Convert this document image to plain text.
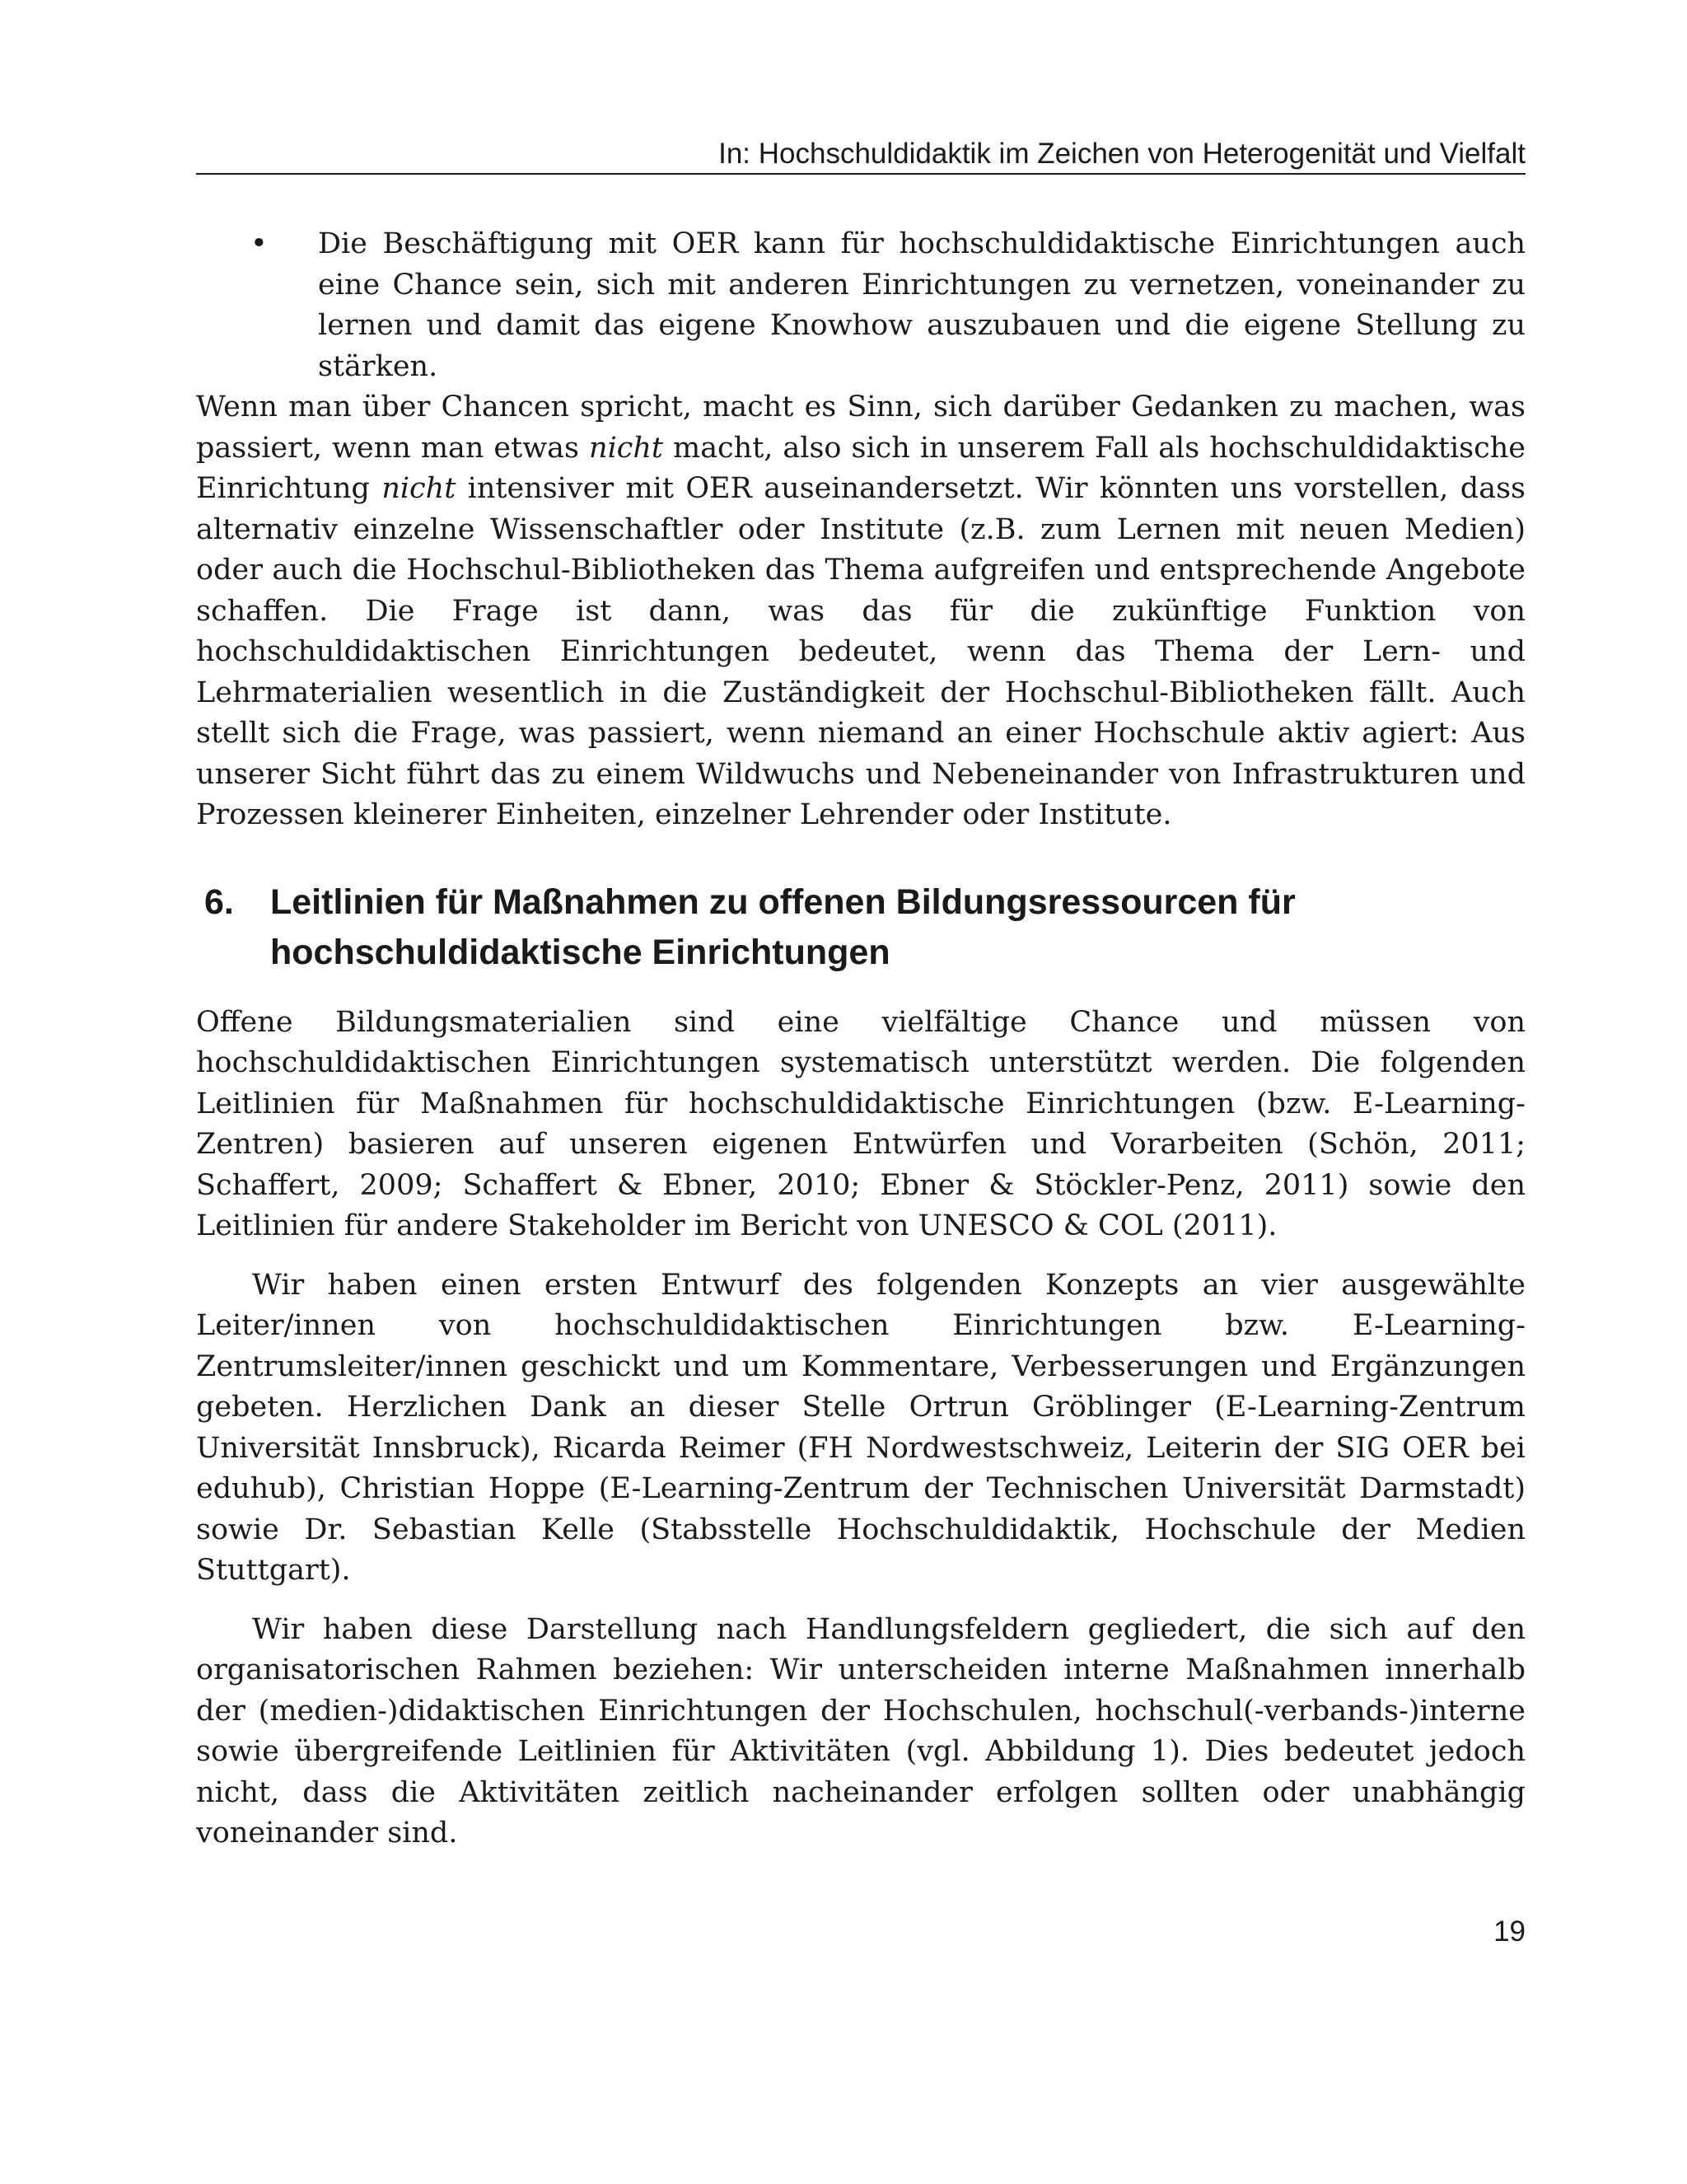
In: Hochschuldidaktik im Zeichen von Heterogenität und Vielfalt

• Die Beschäftigung mit OER kann für hochschuldidaktische Einrichtungen auch eine Chance sein, sich mit anderen Einrichtungen zu vernetzen, voneinander zu lernen und damit das eigene Knowhow auszubauen und die eigene Stellung zu stärken.

Wenn man über Chancen spricht, macht es Sinn, sich darüber Gedanken zu machen, was passiert, wenn man etwas nicht macht, also sich in unserem Fall als hochschuldidaktische Einrichtung nicht intensiver mit OER auseinandersetzt. Wir könnten uns vorstellen, dass alternativ einzelne Wissenschaftler oder Institute (z.B. zum Lernen mit neuen Medien) oder auch die Hochschul-Bibliotheken das Thema aufgreifen und entsprechende Angebote schaffen. Die Frage ist dann, was das für die zukünftige Funktion von hochschuldidaktischen Einrichtungen bedeutet, wenn das Thema der Lern- und Lehrmaterialien wesentlich in die Zuständigkeit der Hochschul-Bibliotheken fällt. Auch stellt sich die Frage, was passiert, wenn niemand an einer Hochschule aktiv agiert: Aus unserer Sicht führt das zu einem Wildwuchs und Nebeneinander von Infrastrukturen und Prozessen kleinerer Einheiten, einzelner Lehrender oder Institute.

6. Leitlinien für Maßnahmen zu offenen Bildungsressourcen für hochschuldidaktische Einrichtungen

Offene Bildungsmaterialien sind eine vielfältige Chance und müssen von hochschuldidaktischen Einrichtungen systematisch unterstützt werden. Die folgenden Leitlinien für Maßnahmen für hochschuldidaktische Einrichtungen (bzw. E-Learning-Zentren) basieren auf unseren eigenen Entwürfen und Vorarbeiten (Schön, 2011; Schaffert, 2009; Schaffert & Ebner, 2010; Ebner & Stöckler-Penz, 2011) sowie den Leitlinien für andere Stakeholder im Bericht von UNESCO & COL (2011).

Wir haben einen ersten Entwurf des folgenden Konzepts an vier ausgewählte Leiter/innen von hochschuldidaktischen Einrichtungen bzw. E-Learning-Zentrumsleiter/innen geschickt und um Kommentare, Verbesserungen und Ergänzungen gebeten. Herzlichen Dank an dieser Stelle Ortrun Gröblinger (E-Learning-Zentrum Universität Innsbruck), Ricarda Reimer (FH Nordwestschweiz, Leiterin der SIG OER bei eduhub), Christian Hoppe (E-Learning-Zentrum der Technischen Universität Darmstadt) sowie Dr. Sebastian Kelle (Stabsstelle Hochschuldidaktik, Hochschule der Medien Stuttgart).

Wir haben diese Darstellung nach Handlungsfeldern gegliedert, die sich auf den organisatorischen Rahmen beziehen: Wir unterscheiden interne Maßnahmen innerhalb der (medien-)didaktischen Einrichtungen der Hochschulen, hochschul(-verbands-)interne sowie übergreifende Leitlinien für Aktivitäten (vgl. Abbildung 1). Dies bedeutet jedoch nicht, dass die Aktivitäten zeitlich nacheinander erfolgen sollten oder unabhängig voneinander sind.

19
